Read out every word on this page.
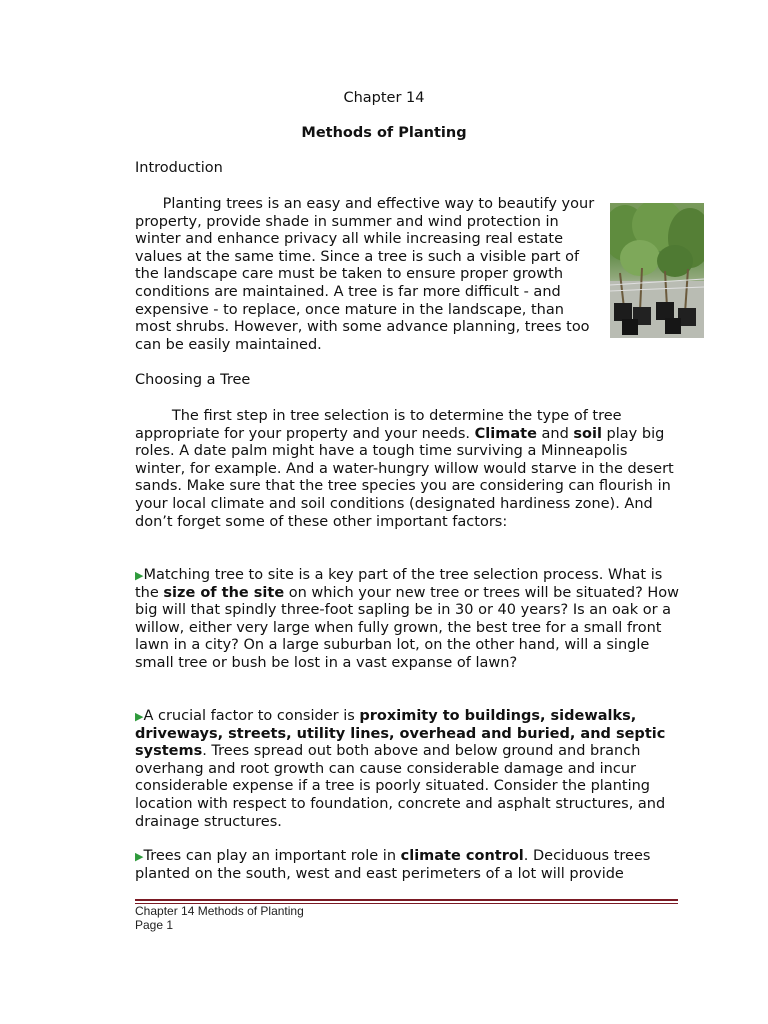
Chapter 14
Methods of Planting
Introduction

Planting trees is an easy and effective way to beautify your property, provide shade in summer and wind protection in winter and enhance privacy all while increasing real estate values at the same time. Since a tree is such a visible part of the landscape care must be taken to ensure proper growth conditions are maintained. A tree is far more difficult - and expensive - to replace, once mature in the landscape, than most shrubs. However, with some advance planning, trees too can be easily maintained.

Choosing a Tree

The first step in tree selection is to determine the type of tree appropriate for your property and your needs. Climate and soil play big roles. A date palm might have a tough time surviving a Minneapolis winter, for example. And a water-hungry willow would starve in the desert sands. Make sure that the tree species you are considering can flourish in your local climate and soil conditions (designated hardiness zone). And don’t forget some of these other important factors:

▶Matching tree to site is a key part of the tree selection process. What is the size of the site on which your new tree or trees will be situated? How big will that spindly three-foot sapling be in 30 or 40 years? Is an oak or a willow, either very large when fully grown, the best tree for a small front lawn in a city? On a large suburban lot, on the other hand, will a single small tree or bush be lost in a vast expanse of lawn?

▶A crucial factor to consider is proximity to buildings, sidewalks, driveways, streets, utility lines, overhead and buried, and septic systems. Trees spread out both above and below ground and branch overhang and root growth can cause considerable damage and incur considerable expense if a tree is poorly situated. Consider the planting location with respect to foundation, concrete and asphalt structures, and drainage structures.

▶Trees can play an important role in climate control. Deciduous trees planted on the south, west and east perimeters of a lot will provide

Chapter 14 Methods of Planting
Page 1
